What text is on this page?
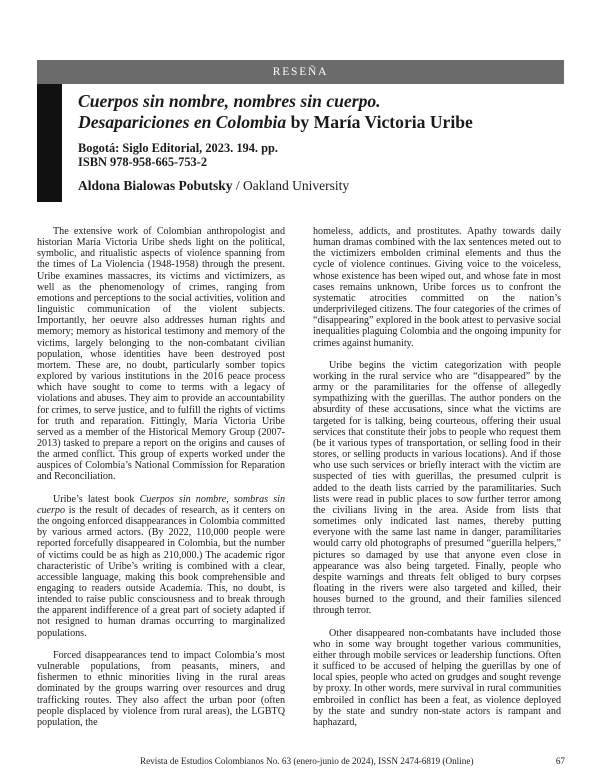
RESEÑA
Cuerpos sin nombre, nombres sin cuerpo.
Desapariciones en Colombia by María Victoria Uribe
Bogotá: Siglo Editorial, 2023. 194. pp.
ISBN 978-958-665-753-2
Aldona Bialowas Pobutsky / Oakland University

The extensive work of Colombian anthropologist and historian María Victoria Uribe sheds light on the political, symbolic, and ritualistic aspects of violence spanning from the times of La Violencia (1948-1958) through the present. Uribe examines massacres, its victims and victimizers, as well as the phenomenology of crimes, ranging from emotions and perceptions to the social activities, volition and linguistic communication of the violent subjects. Importantly, her oeuvre also addresses human rights and memory; memory as historical testimony and memory of the victims, largely belonging to the non-combatant civilian population, whose identities have been destroyed post mortem. These are, no doubt, particularly somber topics explored by various institutions in the 2016 peace process which have sought to come to terms with a legacy of violations and abuses. They aim to provide an accountability for crimes, to serve justice, and to fulfill the rights of victims for truth and reparation. Fittingly, María Victoria Uribe served as a member of the Historical Memory Group (2007-2013) tasked to prepare a report on the origins and causes of the armed conflict. This group of experts worked under the auspices of Colombia’s National Commission for Reparation and Reconciliation.

Uribe’s latest book Cuerpos sin nombre, sombras sin cuerpo is the result of decades of research, as it centers on the ongoing enforced disappearances in Colombia committed by various armed actors. (By 2022, 110,000 people were reported forcefully disappeared in Colombia, but the number of victims could be as high as 210,000.) The academic rigor characteristic of Uribe’s writing is combined with a clear, accessible language, making this book comprehensible and engaging to readers outside Academia. This, no doubt, is intended to raise public consciousness and to break through the apparent indifference of a great part of society adapted if not resigned to human dramas occurring to marginalized populations.

Forced disappearances tend to impact Colombia’s most vulnerable populations, from peasants, miners, and fishermen to ethnic minorities living in the rural areas dominated by the groups warring over resources and drug trafficking routes. They also affect the urban poor (often people displaced by violence from rural areas), the LGBTQ population, the

homeless, addicts, and prostitutes. Apathy towards daily human dramas combined with the lax sentences meted out to the victimizers embolden criminal elements and thus the cycle of violence continues. Giving voice to the voiceless, whose existence has been wiped out, and whose fate in most cases remains unknown, Uribe forces us to confront the systematic atrocities committed on the nation’s underprivileged citizens. The four categories of the crimes of “disappearing” explored in the book attest to pervasive social inequalities plaguing Colombia and the ongoing impunity for crimes against humanity.

Uribe begins the victim categorization with people working in the rural service who are “disappeared” by the army or the paramilitaries for the offense of allegedly sympathizing with the guerillas. The author ponders on the absurdity of these accusations, since what the victims are targeted for is talking, being courteous, offering their usual services that constitute their jobs to people who request them (be it various types of transportation, or selling food in their stores, or selling products in various locations). And if those who use such services or briefly interact with the victim are suspected of ties with guerillas, the presumed culprit is added to the death lists carried by the paramilitaries. Such lists were read in public places to sow further terror among the civilians living in the area. Aside from lists that sometimes only indicated last names, thereby putting everyone with the same last name in danger, paramilitaries would carry old photographs of presumed “guerilla helpers,” pictures so damaged by use that anyone even close in appearance was also being targeted. Finally, people who despite warnings and threats felt obliged to bury corpses floating in the rivers were also targeted and killed, their houses burned to the ground, and their families silenced through terror.

Other disappeared non-combatants have included those who in some way brought together various communities, either through mobile services or leadership functions. Often it sufficed to be accused of helping the guerillas by one of local spies, people who acted on grudges and sought revenge by proxy. In other words, mere survival in rural communities embroiled in conflict has been a feat, as violence deployed by the state and sundry non-state actors is rampant and haphazard,

Revista de Estudios Colombianos No. 63 (enero-junio de 2024), ISSN 2474-6819 (Online)	67
